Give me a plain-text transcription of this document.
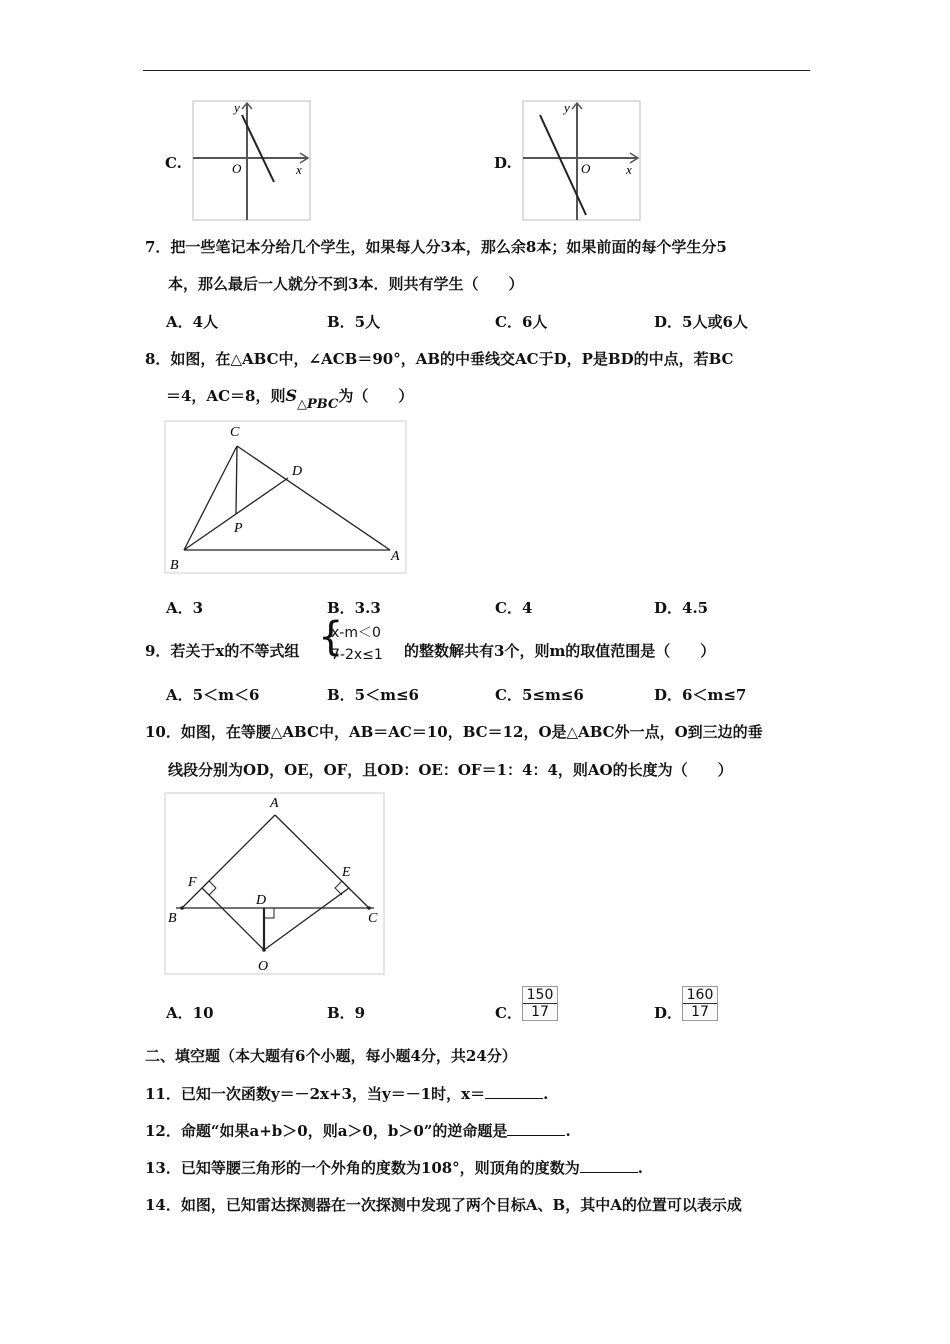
C.
y
x
O	D.
y
x
O
7．把一些笔记本分给几个学生，如果每人分3本，那么余8本；如果前面的每个学生分5
本，那么最后一人就分不到3本．则共有学生（　　）
A．4人	B．5人	C．6人	D．5人或6人
8．如图，在△ABC中，∠ACB＝90°，AB的中垂线交AC于D，P是BD的中点，若BC
＝4，AC＝8，则$S_{\triangle PBC}$为（　　）
C
D
P
B
A
A．3	B．3.3	C．4	D．4.5
9．若关于x的不等式组 {
x-m＜0
7-2x≤1 的整数解共有3个，则m的取值范围是（　　）
A．5＜m＜6	B．5＜m≤6	C．5≤m≤6	D．6＜m≤7
10．如图，在等腰△ABC中，AB＝AC＝10，BC＝12，O是△ABC外一点，O到三边的垂
线段分别为OD，OE，OF，且OD：OE：OF＝1：4：4，则AO的长度为（　　）
A
F
E
B
D
C
O
A．10	B．9	C． $\frac{150}{17}$	D． $\frac{160}{17}$
二、填空题（本大题有6个小题，每小题4分，共24分）
11．已知一次函数y＝－2x+3，当y＝－1时，x＝	.
12．命题“如果a+b＞0，则a＞0，b＞0”的逆命题是	.
13．已知等腰三角形的一个外角的度数为108°，则顶角的度数为	.
14．如图，已知雷达探测器在一次探测中发现了两个目标A、B，其中A的位置可以表示成
